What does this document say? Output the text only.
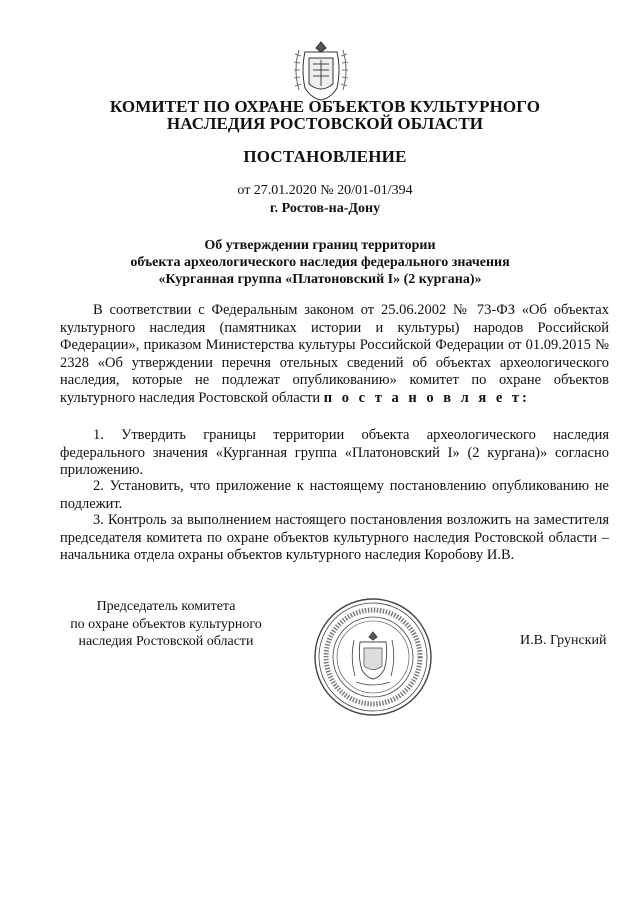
КОМИТЕТ ПО ОХРАНЕ ОБЪЕКТОВ КУЛЬТУРНОГО
НАСЛЕДИЯ РОСТОВСКОЙ ОБЛАСТИ
ПОСТАНОВЛЕНИЕ
от 27.01.2020 № 20/01-01/394
г. Ростов-на-Дону
Об утверждении границ территории
объекта археологического наследия федерального значения
«Курганная группа «Платоновский I» (2 кургана)»
В соответствии с Федеральным законом от 25.06.2002 № 73-ФЗ «Об объектах культурного наследия (памятниках истории и культуры) народов Российской Федерации», приказом Министерства культуры Российской Федерации от 01.09.2015 № 2328 «Об утверждении перечня отельных сведений об объектах археологического наследия, которые не подлежат опубликованию» комитет по охране объектов культурного наследия Ростовской области п о с т а н о в л я е т:
1. Утвердить границы территории объекта археологического наследия федерального значения «Курганная группа «Платоновский I» (2 кургана)» согласно приложению.
2. Установить, что приложение к настоящему постановлению опубликованию не подлежит.
3. Контроль за выполнением настоящего постановления возложить на заместителя председателя комитета по охране объектов культурного наследия Ростовской области – начальника отдела охраны объектов культурного наследия Коробову И.В.
Председатель комитета
по охране объектов культурного
наследия Ростовской области	И.В. Грунский
